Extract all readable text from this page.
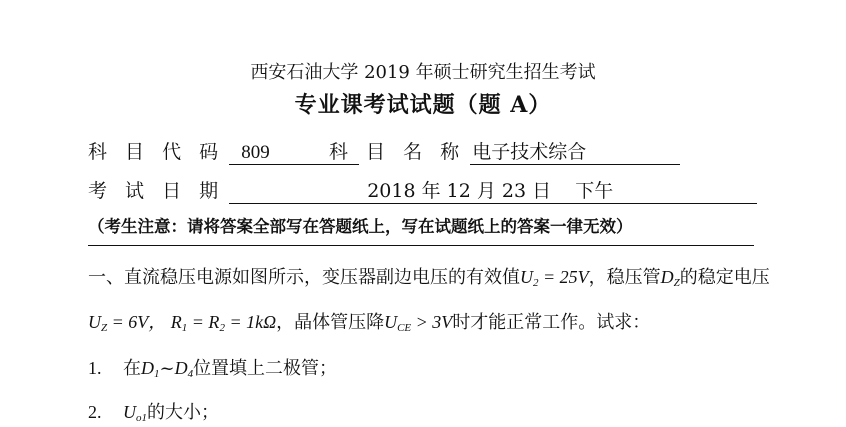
西安石油大学 2019 年硕士研究生招生考试
专业课考试试题（题 A）
科 目 代 码 809	科 目 名 称 电子技术综合
考 试 日 期	2018 年 12 月 23 日    下午
（考生注意：请将答案全部写在答题纸上，写在试题纸上的答案一律无效）
一、直流稳压电源如图所示，变压器副边电压的有效值$U_2 = 25V$，稳压管$D_Z$的稳定电压
$U_Z = 6V$， $R_1 = R_2 = 1k\Omega$，晶体管压降$U_{CE} > 3V$时才能正常工作。试求：
1. 在$D_1\sim D_4$位置填上二极管；
2. $U_{o1}$的大小；
